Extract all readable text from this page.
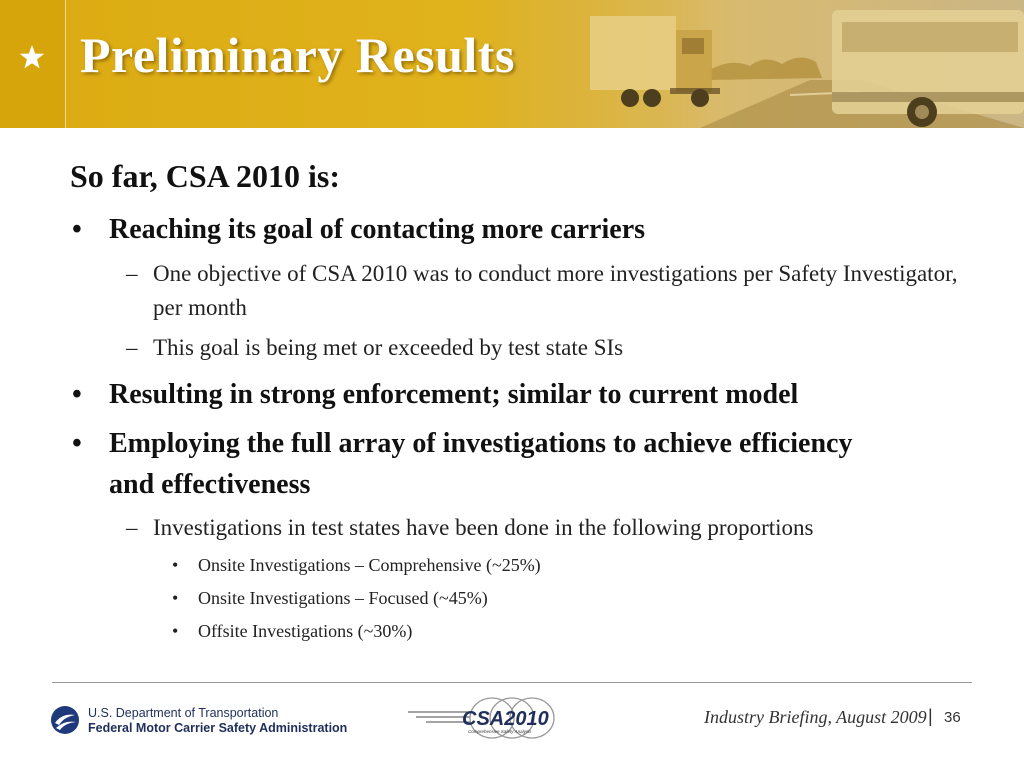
Preliminary Results
So far, CSA 2010 is:
• Reaching its goal of contacting more carriers
– One objective of CSA 2010 was to conduct more investigations per Safety Investigator, per month
– This goal is being met or exceeded by test state SIs
• Resulting in strong enforcement; similar to current model
• Employing the full array of investigations to achieve efficiency and effectiveness
– Investigations in test states have been done in the following proportions
• Onsite Investigations – Comprehensive (~25%)
• Onsite Investigations – Focused (~45%)
• Offsite Investigations (~30%)
U.S. Department of Transportation
Federal Motor Carrier Safety Administration	CSA2010
Comprehensive Safety Analysis
Industry Briefing, August 2009 | 36
